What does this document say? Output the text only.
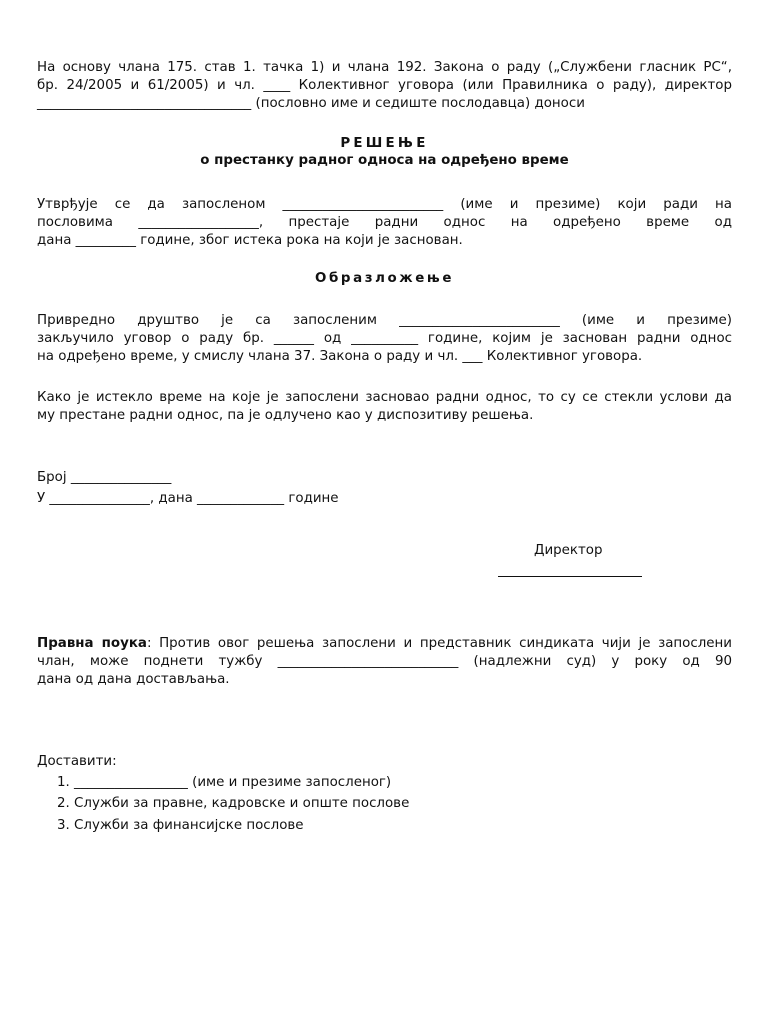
На основу члана 175. став 1. тачка 1) и члана 192. Закона о раду („Службени гласник РС“,
бр. 24/2005 и 61/2005) и чл. ____ Колективног уговора (или Правилника о раду), директор
________________________________ (пословно име и седиште послодавца) доноси
РЕШЕЊЕ
о престанку радног односа на одређено време
Утврђује се да запосленом ________________________ (име и презиме) који ради на
пословима __________________, престаје радни однос на одређено време од
дана _________ године, због истека рока на који је засновaн.
Образложење
Привредно друштво је са запосленим ________________________ (име и презиме)
закључило уговор о раду бр. ______ од __________ године, којим је засновaн радни однос
на одређено време, у смислу члана 37. Закона о раду и чл. ___ Колективног уговора.
Како је истекло време на које је запослени засновао радни однос, то су се стекли услови да
му престане радни однос, па је одлучено као у диспозитиву решења.
Број _______________
У _______________, дана _____________ године
Директор
Правна поука: Против овог решења запослени и представник синдиката чији је запослени
члан, може поднети тужбу ___________________________ (надлежни суд) у року од 90
дана од дана достављања.
Доставити:
1. _________________ (име и презиме запосленог)
2. Служби за правне, кадровске и опште послове
3. Служби за финансијске послове
